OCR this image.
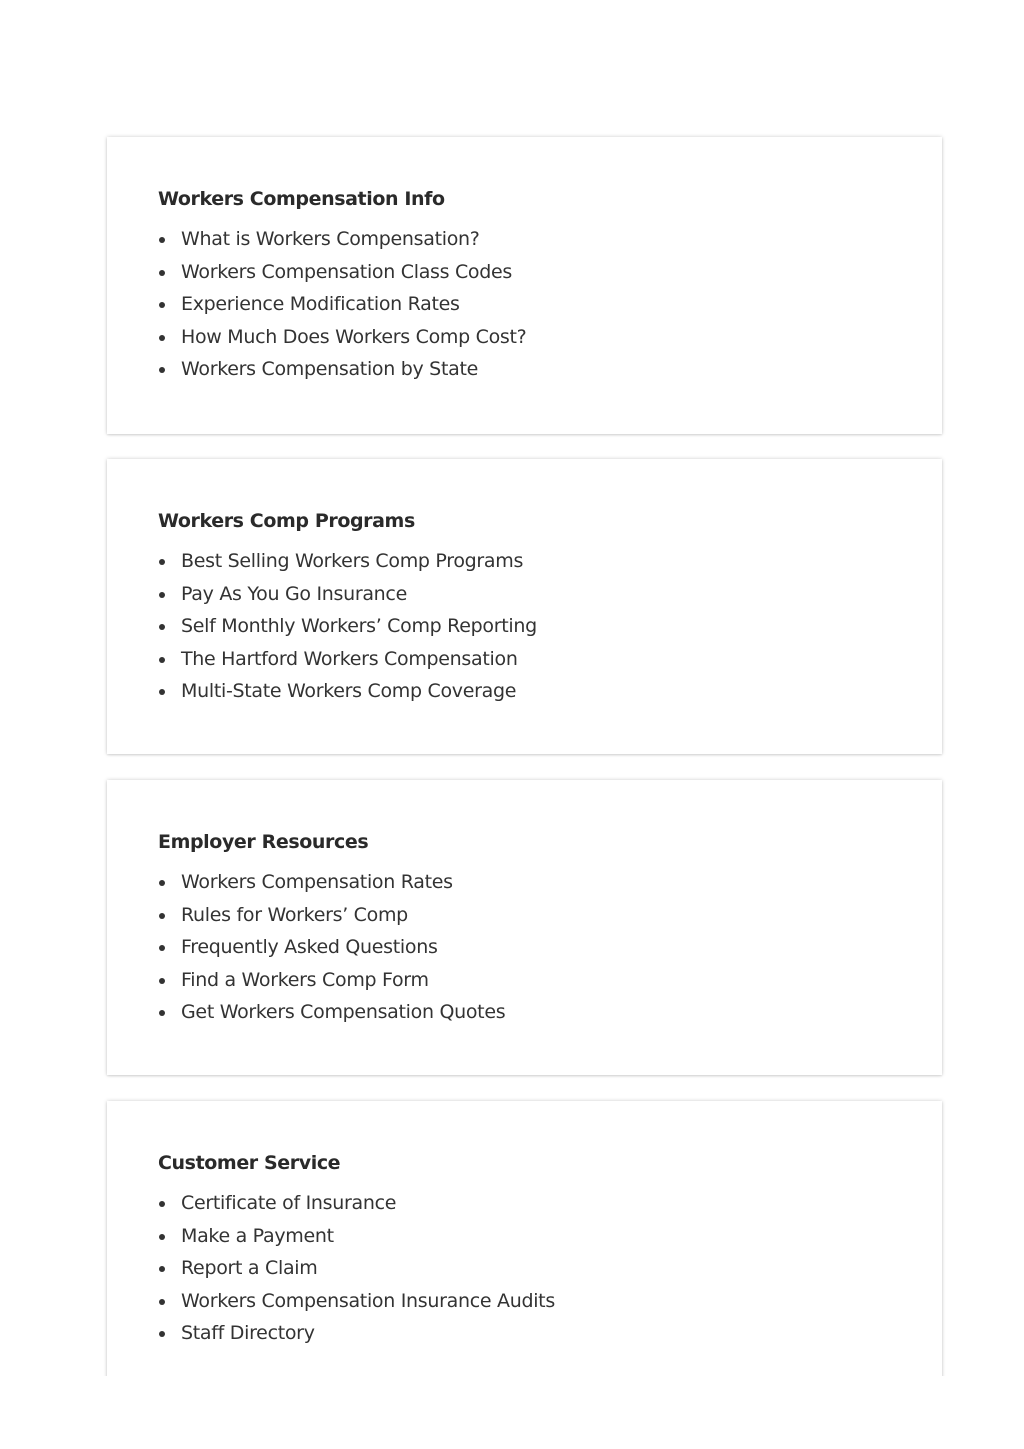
Workers Compensation Info
What is Workers Compensation?
Workers Compensation Class Codes
Experience Modification Rates
How Much Does Workers Comp Cost?
Workers Compensation by State
Workers Comp Programs
Best Selling Workers Comp Programs
Pay As You Go Insurance
Self Monthly Workers’ Comp Reporting
The Hartford Workers Compensation
Multi-State Workers Comp Coverage
Employer Resources
Workers Compensation Rates
Rules for Workers’ Comp
Frequently Asked Questions
Find a Workers Comp Form
Get Workers Compensation Quotes
Customer Service
Certificate of Insurance
Make a Payment
Report a Claim
Workers Compensation Insurance Audits
Staff Directory
